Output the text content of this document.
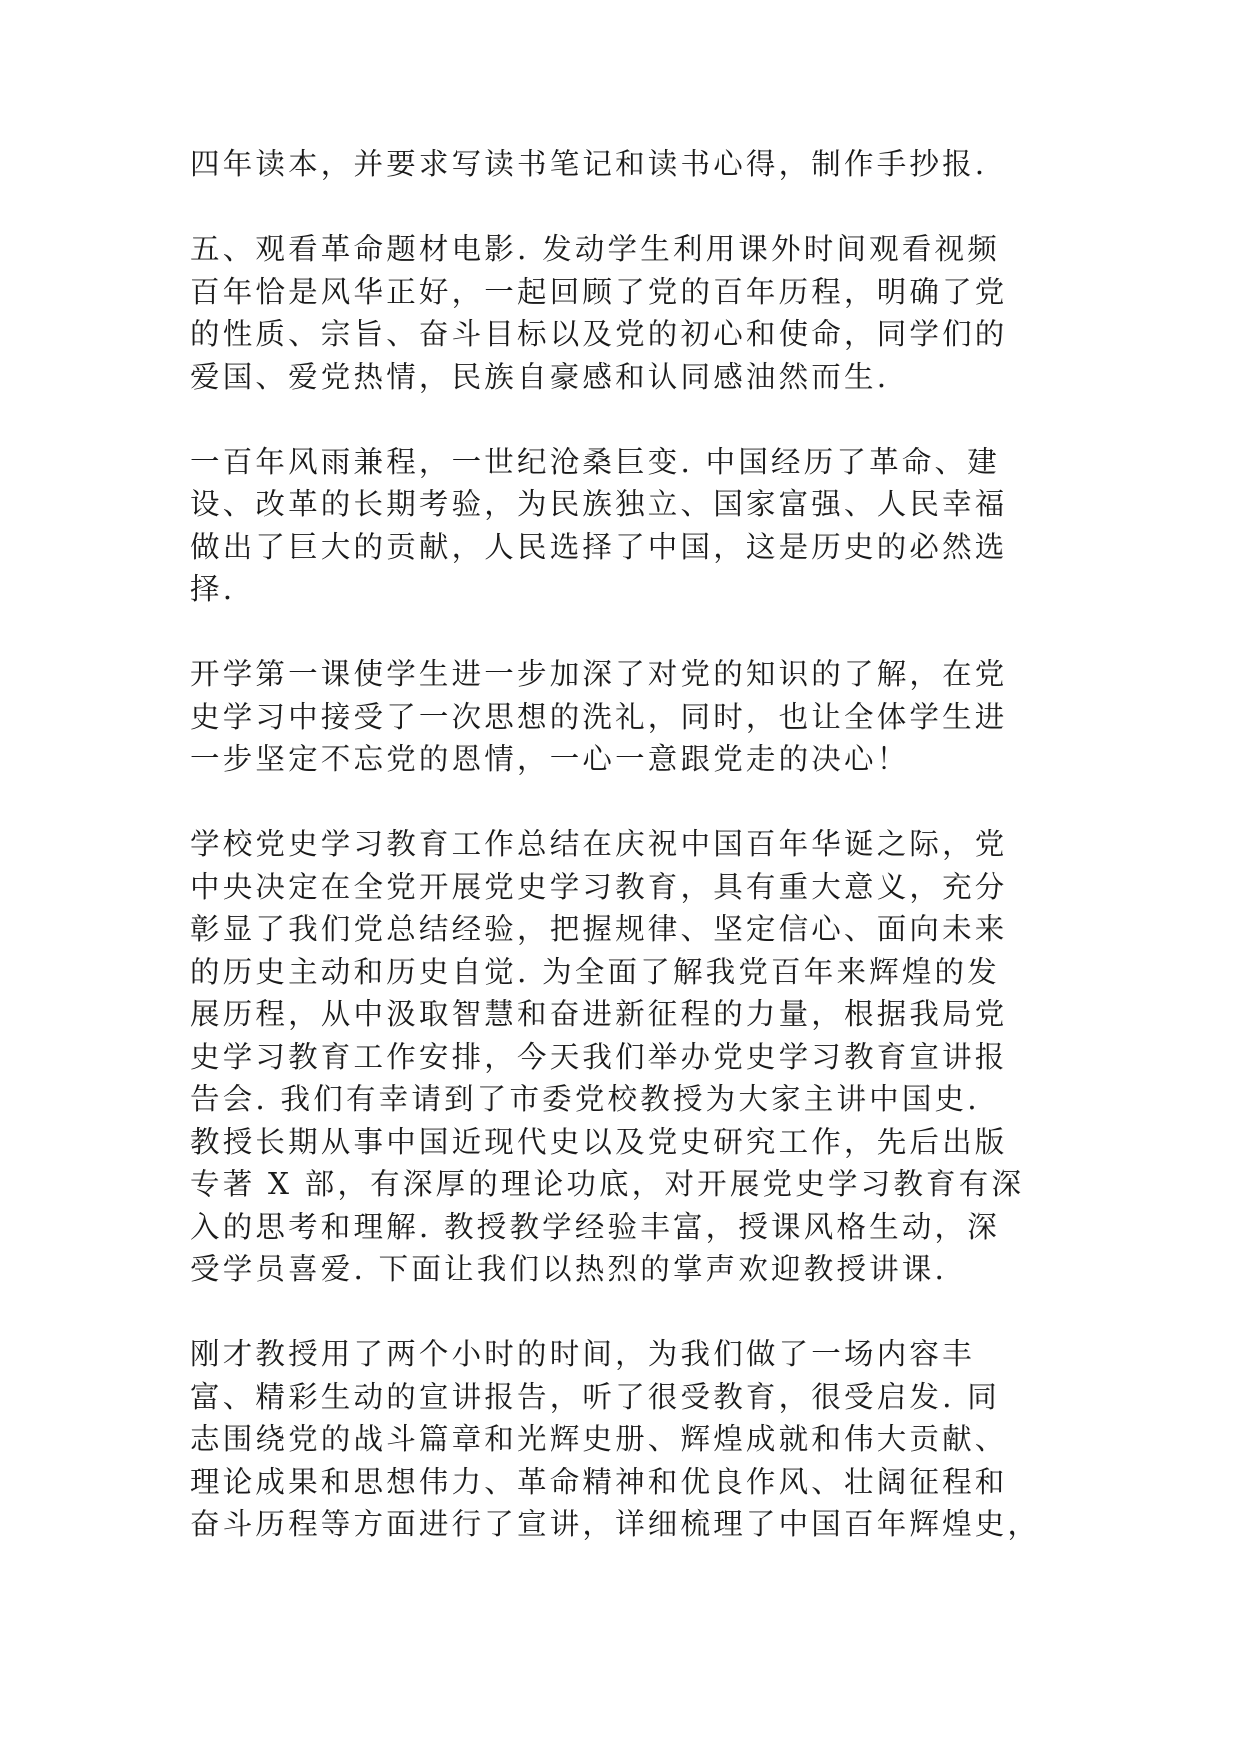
四年读本，并要求写读书笔记和读书心得，制作手抄报.
五、观看革命题材电影. 发动学生利用课外时间观看视频
百年恰是风华正好，一起回顾了党的百年历程，明确了党
的性质、宗旨、奋斗目标以及党的初心和使命，同学们的
爱国、爱党热情，民族自豪感和认同感油然而生.
一百年风雨兼程，一世纪沧桑巨变. 中国经历了革命、建
设、改革的长期考验，为民族独立、国家富强、人民幸福
做出了巨大的贡献，人民选择了中国，这是历史的必然选
择.
开学第一课使学生进一步加深了对党的知识的了解，在党
史学习中接受了一次思想的洗礼，同时，也让全体学生进
一步坚定不忘党的恩情，一心一意跟党走的决心！
学校党史学习教育工作总结在庆祝中国百年华诞之际，党
中央决定在全党开展党史学习教育，具有重大意义，充分
彰显了我们党总结经验，把握规律、坚定信心、面向未来
的历史主动和历史自觉. 为全面了解我党百年来辉煌的发
展历程，从中汲取智慧和奋进新征程的力量，根据我局党
史学习教育工作安排，今天我们举办党史学习教育宣讲报
告会. 我们有幸请到了市委党校教授为大家主讲中国史.
教授长期从事中国近现代史以及党史研究工作，先后出版
专著 X 部，有深厚的理论功底，对开展党史学习教育有深
入的思考和理解. 教授教学经验丰富，授课风格生动，深
受学员喜爱. 下面让我们以热烈的掌声欢迎教授讲课.
刚才教授用了两个小时的时间，为我们做了一场内容丰
富、精彩生动的宣讲报告，听了很受教育，很受启发. 同
志围绕党的战斗篇章和光辉史册、辉煌成就和伟大贡献、
理论成果和思想伟力、革命精神和优良作风、壮阔征程和
奋斗历程等方面进行了宣讲，详细梳理了中国百年辉煌史，
